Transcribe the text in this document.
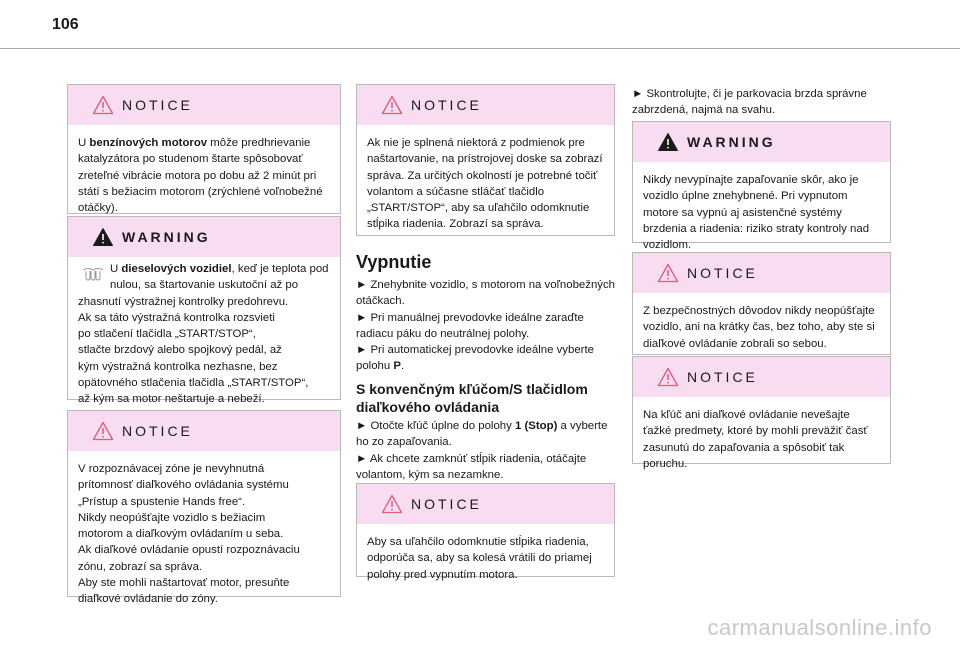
106
NOTICE

U benzínových motorov môže predhrievanie katalyzátora po studenom štarte spôsobovať zreteľné vibrácie motora po dobu až 2 minút pri státí s bežiacim motorom (zrýchlené voľnobežné otáčky).

WARNING

U dieselových vozidiel, keď je teplota pod nulou, sa štartovanie uskutoční až po zhasnutí výstražnej kontrolky predohrevu.

Ak sa táto výstražná kontrolka rozsvieti

po stlačení tlačidla „START/STOP“,

stlačte brzdový alebo spojkový pedál, až

kým výstražná kontrolka nezhasne, bez

opätovného stlačenia tlačidla „START/STOP“,

až kým sa motor neštartuje a nebeží.

NOTICE

V rozpoznávacej zóne je nevyhnutná

prítomnosť diaľkového ovládania systému

„Prístup a spustenie Hands free“.

Nikdy neopúšťajte vozidlo s bežiacim

motorom a diaľkovým ovládaním u seba.

Ak diaľkové ovládanie opustí rozpoznávaciu

zónu, zobrazí sa správa.

Aby ste mohli naštartovať motor, presuňte

diaľkové ovládanie do zóny.

NOTICE

Ak nie je splnená niektorá z podmienok pre naštartovanie, na prístrojovej doske sa zobrazí správa. Za určitých okolností je potrebné točiť volantom a súčasne stláčať tlačidlo „START/STOP“, aby sa uľahčilo odomknutie stĺpika riadenia. Zobrazí sa správa.

Vypnutie

► Znehybnite vozidlo, s motorom na voľnobežných otáčkach.

► Pri manuálnej prevodovke ideálne zaraďte radiacu páku do neutrálnej polohy.

► Pri automatickej prevodovke ideálne vyberte polohu P.

S konvenčným kľúčom/S tlačidlom diaľkového ovládania

► Otočte kľúč úplne do polohy 1 (Stop) a vyberte ho zo zapaľovania.

► Ak chcete zamknúť stĺpik riadenia, otáčajte volantom, kým sa nezamkne.

NOTICE

Aby sa uľahčilo odomknutie stĺpika riadenia, odporúča sa, aby sa kolesá vrátili do priamej polohy pred vypnutím motora.

► Skontrolujte, či je parkovacia brzda správne zabrzdená, najmä na svahu.

WARNING

Nikdy nevypínajte zapaľovanie skôr, ako je vozidlo úplne znehybnené. Pri vypnutom motore sa vypnú aj asistenčné systémy brzdenia a riadenia: riziko straty kontroly nad vozidlom.

NOTICE

Z bezpečnostných dôvodov nikdy neopúšťajte vozidlo, ani na krátky čas, bez toho, aby ste si diaľkové ovládanie zobrali so sebou.

NOTICE

Na kľúč ani diaľkové ovládanie nevešajte ťažké predmety, ktoré by mohli preväžiť časť zasunutú do zapaľovania a spôsobiť tak poruchu.

carmanualsonline.info
